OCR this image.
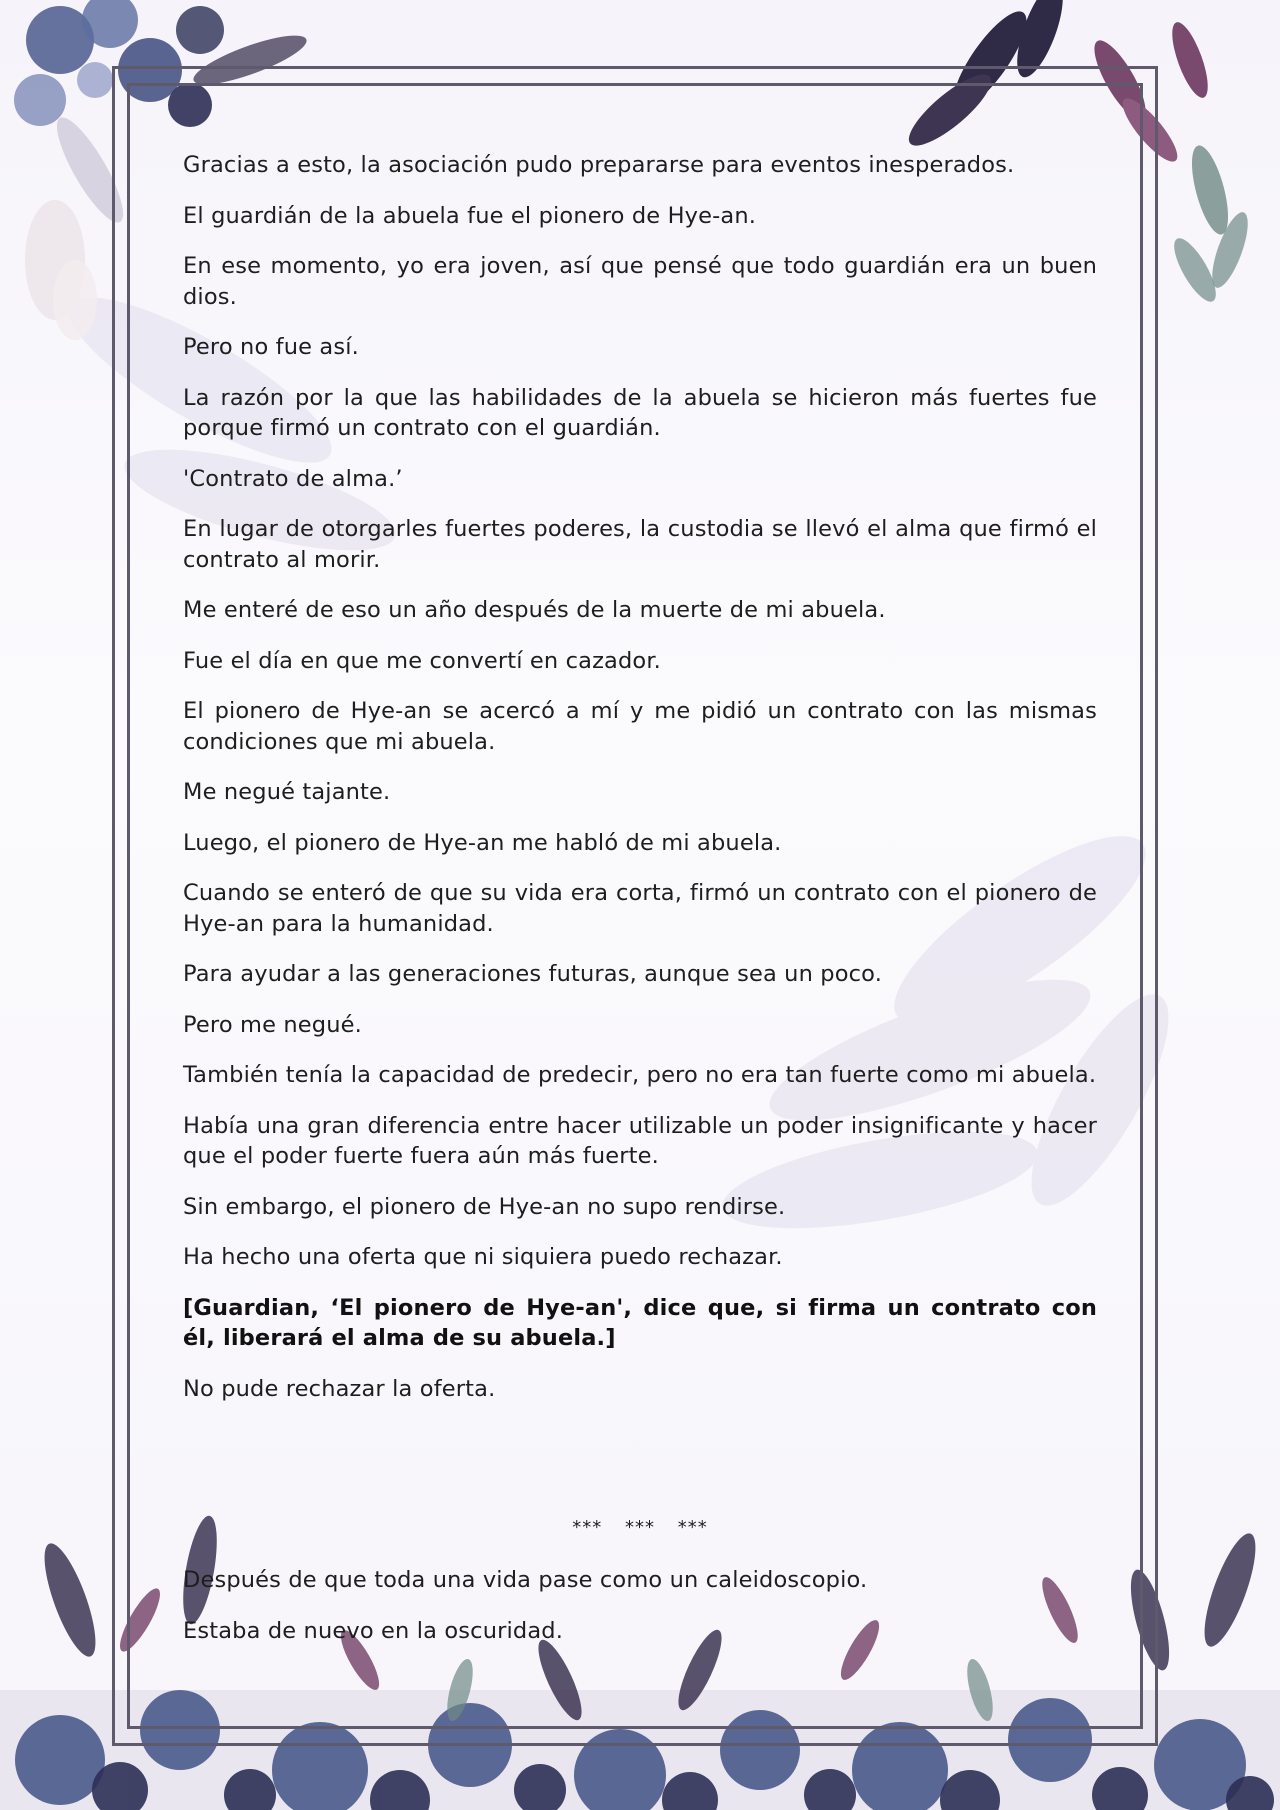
Gracias a esto, la asociación pudo prepararse para eventos inesperados.

El guardián de la abuela fue el pionero de Hye-an.

En ese momento, yo era joven, así que pensé que todo guardián era un buen dios.

Pero no fue así.

La razón por la que las habilidades de la abuela se hicieron más fuertes fue porque firmó un contrato con el guardián.

'Contrato de alma.’

En lugar de otorgarles fuertes poderes, la custodia se llevó el alma que firmó el contrato al morir.

Me enteré de eso un año después de la muerte de mi abuela.

Fue el día en que me convertí en cazador.

El pionero de Hye-an se acercó a mí y me pidió un contrato con las mismas condiciones que mi abuela.

Me negué tajante.

Luego, el pionero de Hye-an me habló de mi abuela.

Cuando se enteró de que su vida era corta, firmó un contrato con el pionero de Hye-an para la humanidad.

Para ayudar a las generaciones futuras, aunque sea un poco.

Pero me negué.

También tenía la capacidad de predecir, pero no era tan fuerte como mi abuela.

Había una gran diferencia entre hacer utilizable un poder insignificante y hacer que el poder fuerte fuera aún más fuerte.

Sin embargo, el pionero de Hye-an no supo rendirse.

Ha hecho una oferta que ni siquiera puedo rechazar.

[Guardian, ‘El pionero de Hye-an', dice que, si firma un contrato con él, liberará el alma de su abuela.]

No pude rechazar la oferta.

*** *** ***

Después de que toda una vida pase como un caleidoscopio.

Estaba de nuevo en la oscuridad.
